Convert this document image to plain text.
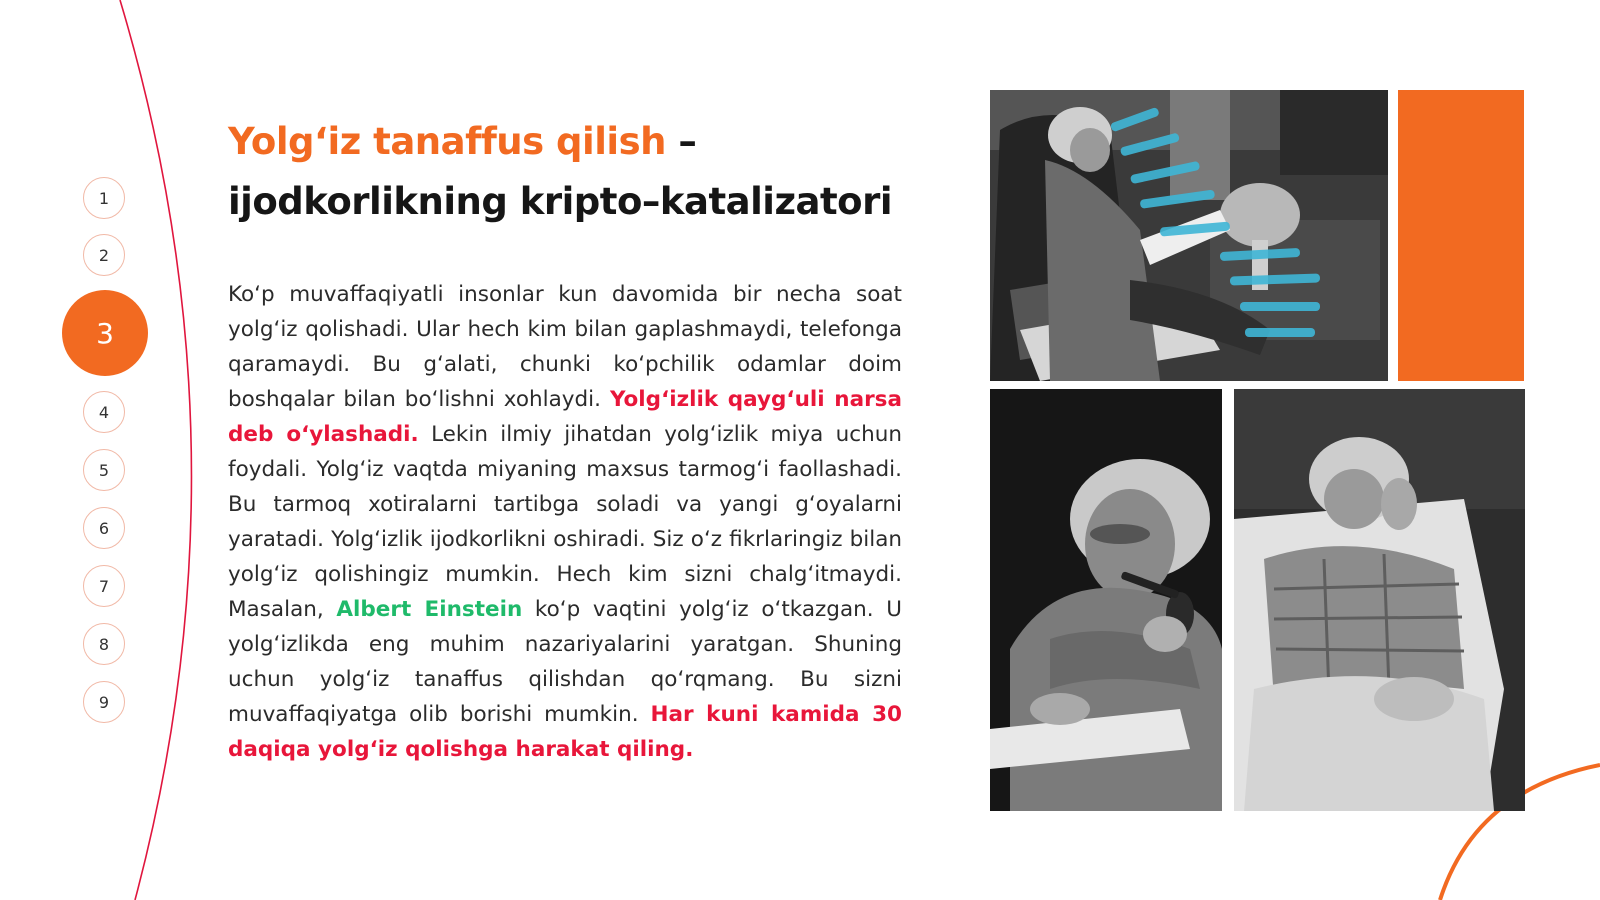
1
2
3
4
5
6
7
8
9
Yolgʻiz tanaffus qilish –
ijodkorlikning kripto–katalizatori

Koʻp muvaffaqiyatli insonlar kun davomida bir necha soat yolgʻiz qolishadi. Ular hech kim bilan gaplashmaydi, telefonga qaramaydi. Bu gʻalati, chunki koʻpchilik odamlar doim boshqalar bilan boʻlishni xohlaydi. Yolgʻizlik qaygʻuli narsa deb oʻylashadi. Lekin ilmiy jihatdan yolgʻizlik miya uchun foydali. Yolgʻiz vaqtda miyaning maxsus tarmogʻi faollashadi. Bu tarmoq xotiralarni tartibga soladi va yangi gʻoyalarni yaratadi. Yolgʻizlik ijodkorlikni oshiradi. Siz oʻz fikrlaringiz bilan yolgʻiz qolishingiz mumkin. Hech kim sizni chalgʻitmaydi. Masalan, Albert Einstein koʻp vaqtini yolgʻiz oʻtkazgan. U yolgʻizlikda eng muhim nazariyalarini yaratgan. Shuning uchun yolgʻiz tanaffus qilishdan qoʻrqmang. Bu sizni muvaffaqiyatga olib borishi mumkin. Har kuni kamida 30 daqiqa yolgʻiz qolishga harakat qiling.
